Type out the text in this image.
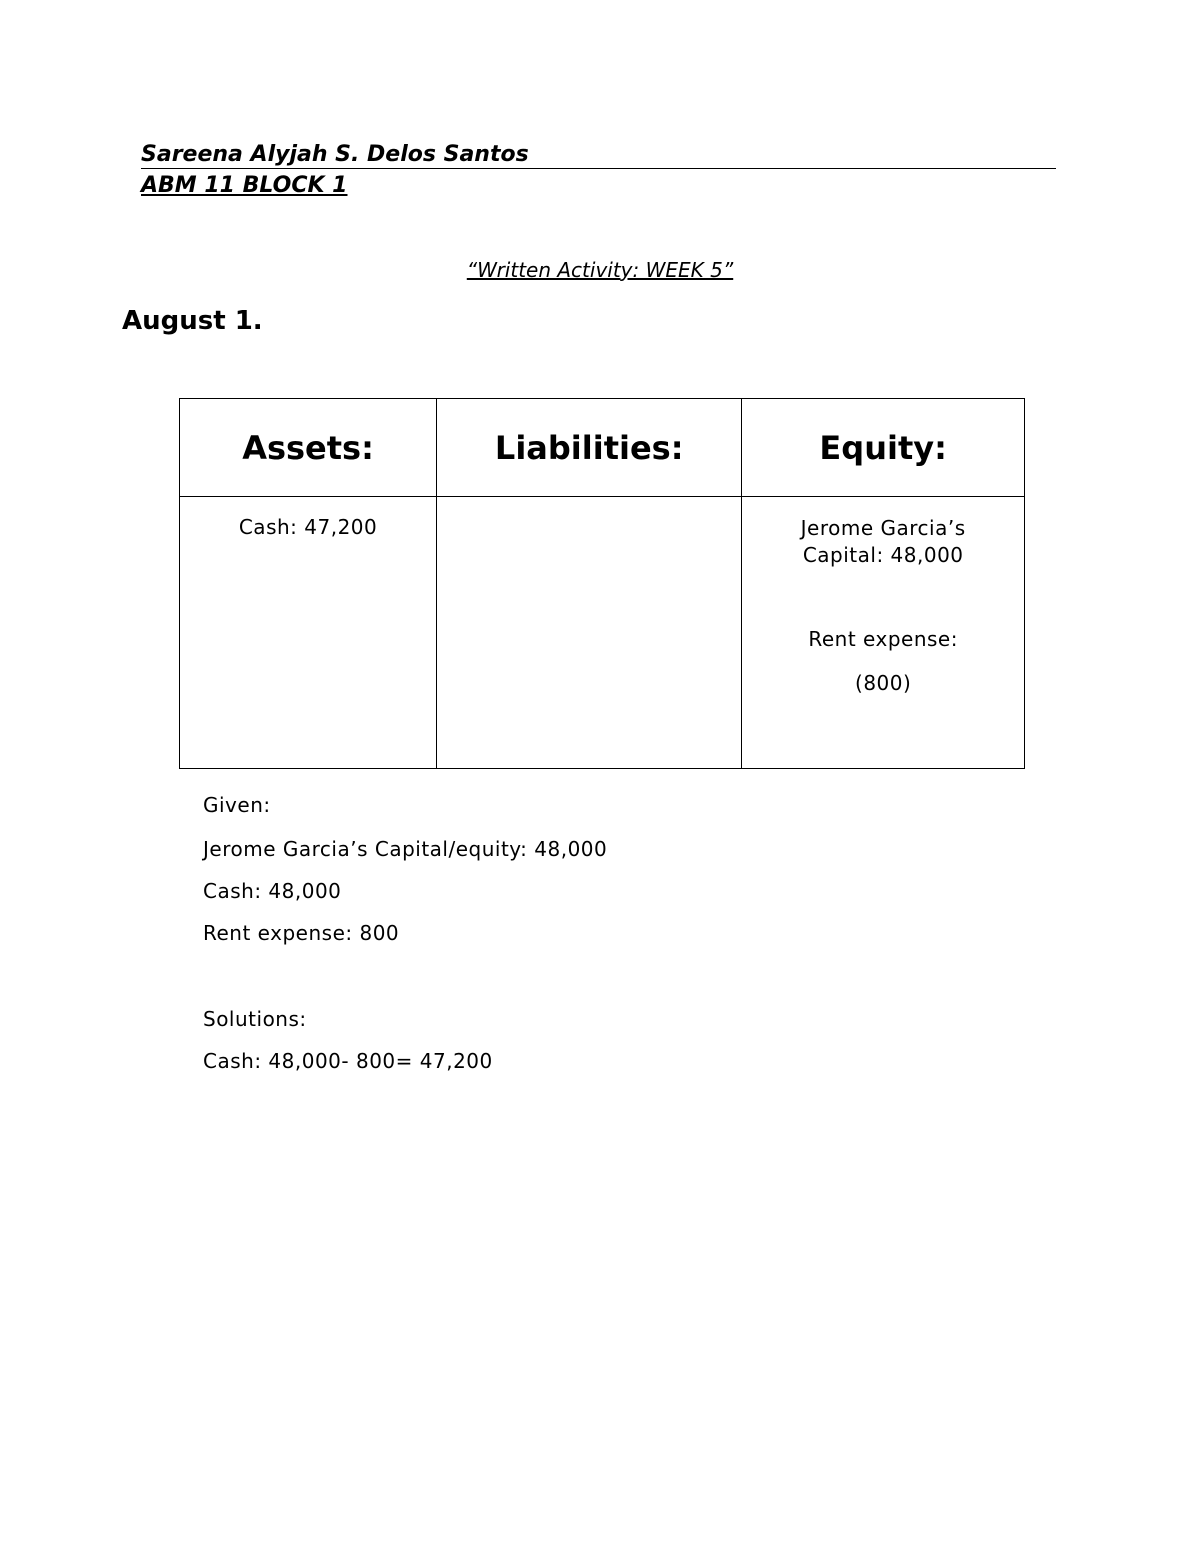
Sareena Alyjah S. Delos Santos
ABM 11 BLOCK 1
“Written Activity: WEEK 5”
August 1.
Assets:	Liabilities:	Equity:

Cash: 47,200		Jerome Garcia’s Capital: 48,000
Rent expense:
(800)

Given:

Jerome Garcia’s Capital/equity: 48,000

Cash: 48,000

Rent expense: 800

Solutions:

Cash: 48,000- 800= 47,200
